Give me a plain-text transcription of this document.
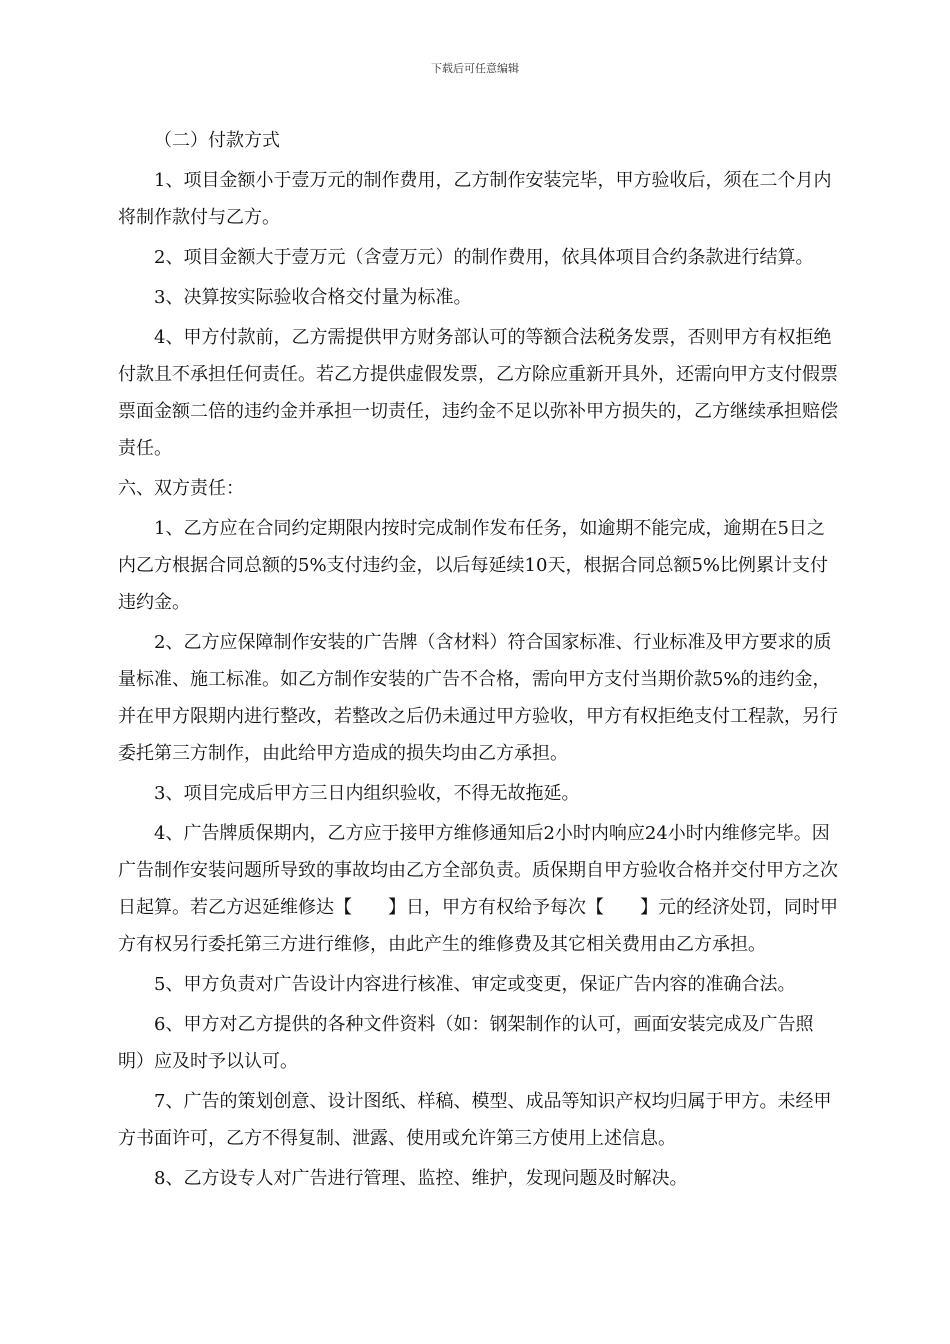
下载后可任意编辑

（二）付款方式

1、项目金额小于壹万元的制作费用，乙方制作安装完毕，甲方验收后，须在二个月内将制作款付与乙方。

2、项目金额大于壹万元（含壹万元）的制作费用，依具体项目合约条款进行结算。

3、决算按实际验收合格交付量为标准。

4、甲方付款前，乙方需提供甲方财务部认可的等额合法税务发票，否则甲方有权拒绝付款且不承担任何责任。若乙方提供虚假发票，乙方除应重新开具外，还需向甲方支付假票票面金额二倍的违约金并承担一切责任，违约金不足以弥补甲方损失的，乙方继续承担赔偿责任。

六、双方责任：

1、乙方应在合同约定期限内按时完成制作发布任务，如逾期不能完成，逾期在5日之内乙方根据合同总额的5%支付违约金，以后每延续10天，根据合同总额5%比例累计支付违约金。

2、乙方应保障制作安装的广告牌（含材料）符合国家标准、行业标准及甲方要求的质量标准、施工标准。如乙方制作安装的广告不合格，需向甲方支付当期价款5%的违约金，并在甲方限期内进行整改，若整改之后仍未通过甲方验收，甲方有权拒绝支付工程款，另行委托第三方制作，由此给甲方造成的损失均由乙方承担。

3、项目完成后甲方三日内组织验收，不得无故拖延。

4、广告牌质保期内，乙方应于接甲方维修通知后2小时内响应24小时内维修完毕。因广告制作安装问题所导致的事故均由乙方全部负责。质保期自甲方验收合格并交付甲方之次日起算。若乙方迟延维修达【　　】日，甲方有权给予每次【　　】元的经济处罚，同时甲方有权另行委托第三方进行维修，由此产生的维修费及其它相关费用由乙方承担。

5、甲方负责对广告设计内容进行核准、审定或变更，保证广告内容的准确合法。

6、甲方对乙方提供的各种文件资料（如：钢架制作的认可，画面安装完成及广告照明）应及时予以认可。

7、广告的策划创意、设计图纸、样稿、模型、成品等知识产权均归属于甲方。未经甲方书面许可，乙方不得复制、泄露、使用或允许第三方使用上述信息。

8、乙方设专人对广告进行管理、监控、维护，发现问题及时解决。
